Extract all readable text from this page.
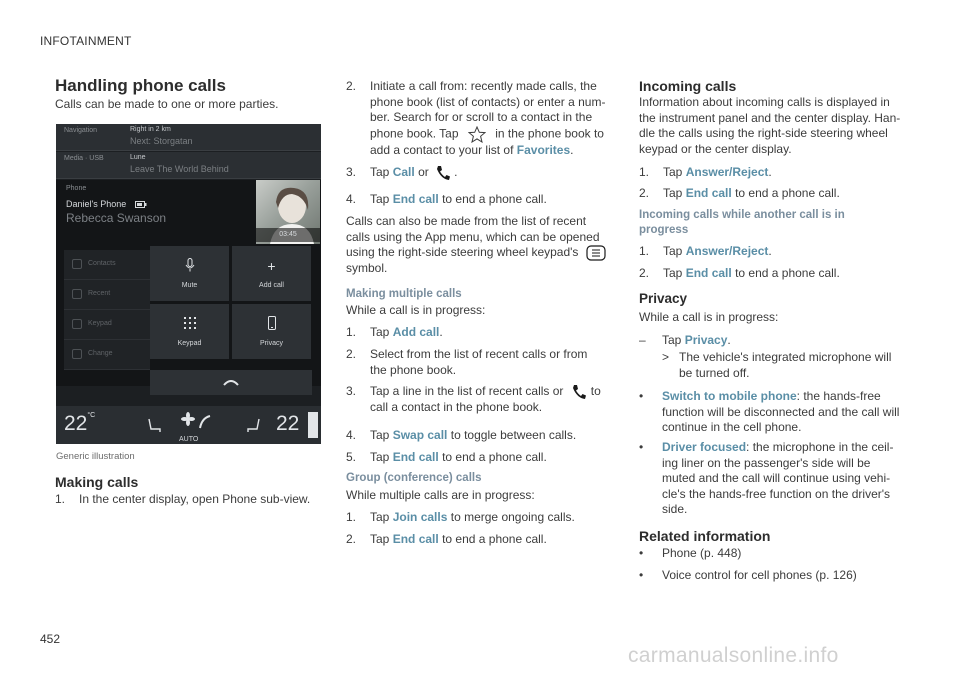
INFOTAINMENT
Handling phone calls
Calls can be made to one or more parties.
Navigation	Right in 2 km
Next: Storgatan
Media · USB	Lune
Leave The World Behind
Phone
Daniel's Phone
Rebecca Swanson
03:45
Contacts
Recent
Keypad
Change
Mute
+
Add call
Keypad	Privacy
$22^{^\circ C}$
AUTO
22
Generic illustration
Making calls
1.	In the center display, open Phone sub-view.
2.	Initiate a call from: recently made calls, the
phone book (list of contacts) or enter a num-
ber. Search for or scroll to a contact in the
phone book. Tap	in the phone book to
add a contact to your list of Favorites.
3.	Tap Call or .
4.	Tap End call to end a phone call.
Calls can also be made from the list of recent
calls using the App menu, which can be opened
using the right-side steering wheel keypad's
symbol.
Making multiple calls
While a call is in progress:
1.	Tap Add call.
2.	Select from the list of recent calls or from
the phone book.
3.	Tap a line in the list of recent calls or to
call a contact in the phone book.
4.	Tap Swap call to toggle between calls.
5.	Tap End call to end a phone call.
Group (conference) calls
While multiple calls are in progress:
1.	Tap Join calls to merge ongoing calls.
2.	Tap End call to end a phone call.
Incoming calls
Information about incoming calls is displayed in
the instrument panel and the center display. Han-
dle the calls using the right-side steering wheel
keypad or the center display.
1.	Tap Answer/Reject.
2.	Tap End call to end a phone call.
Incoming calls while another call is in
progress
1.	Tap Answer/Reject.
2.	Tap End call to end a phone call.
Privacy
While a call is in progress:
–	Tap Privacy.
> The vehicle's integrated microphone will
be turned off.
•	Switch to mobile phone: the hands-free
function will be disconnected and the call will
continue in the cell phone.
•	Driver focused: the microphone in the ceil-
ing liner on the passenger's side will be
muted and the call will continue using vehi-
cle's the hands-free function on the driver's
side.
Related information
•	Phone (p. 448)
•	Voice control for cell phones (p. 126)
452
carmanualsonline.info
